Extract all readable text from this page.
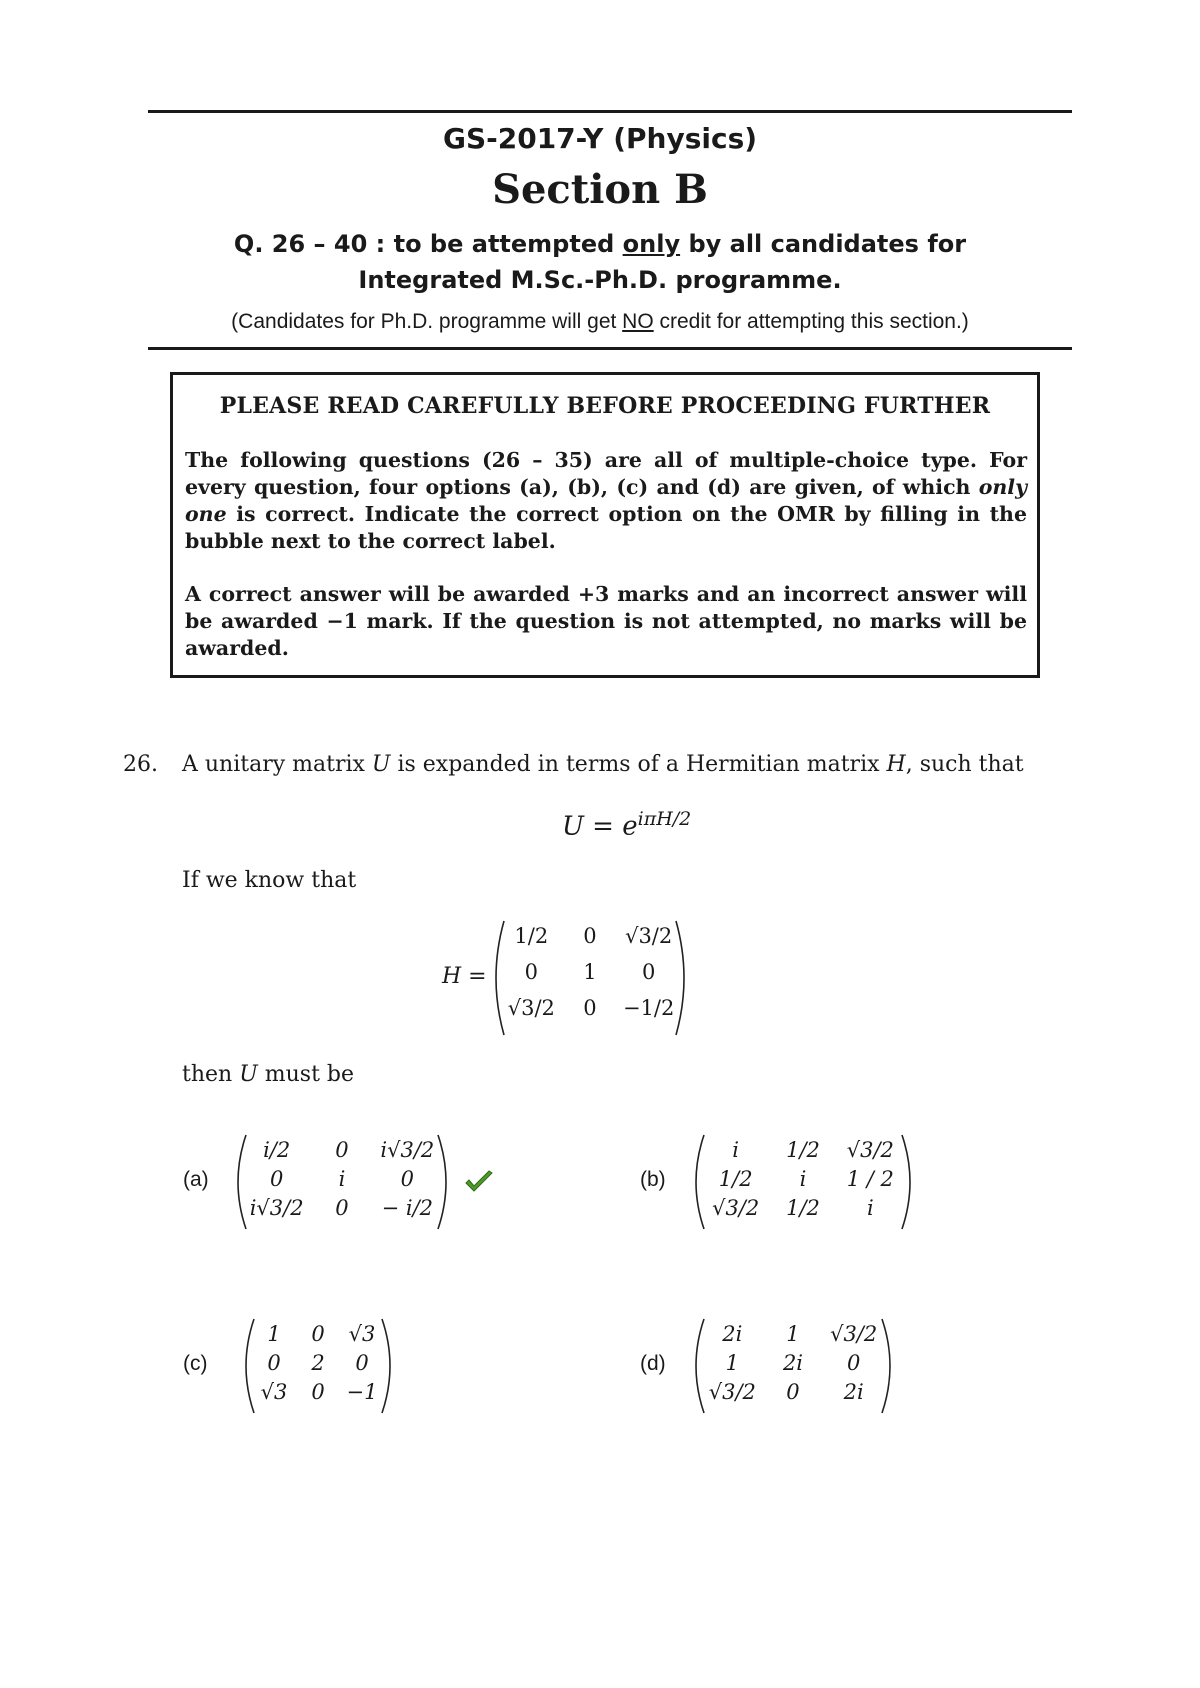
GS-2017-Y (Physics)
Section B
Q. 26 – 40 : to be attempted only by all candidates for
Integrated M.Sc.-Ph.D. programme.
(Candidates for Ph.D. programme will get NO credit for attempting this section.)
PLEASE READ CAREFULLY BEFORE PROCEEDING FURTHER
The following questions (26 – 35) are all of multiple-choice type. For every question, four options (a), (b), (c) and (d) are given, of which only one is correct. Indicate the correct option on the OMR by filling in the bubble next to the correct label.
A correct answer will be awarded +3 marks and an incorrect answer will be awarded −1 mark. If the question is not attempted, no marks will be awarded.
26. A unitary matrix U is expanded in terms of a Hermitian matrix H, such that
$U = e^{i\pi H/2}$
If we know that
H =
1/2	0	√3/2
0	1	0
√3/2	0	−1/2
then U must be
(a)
i/2	0	i√3/2
0	i	0
i√3/2	0	− i/2
(b)
i	1/2	√3/2
1/2	i	1 / 2
√3/2	1/2	i
(c)
1	0	√3
0	2	0
√3	0	−1
(d)
2i	1	√3/2
1	2i	0
√3/2	0	2i
